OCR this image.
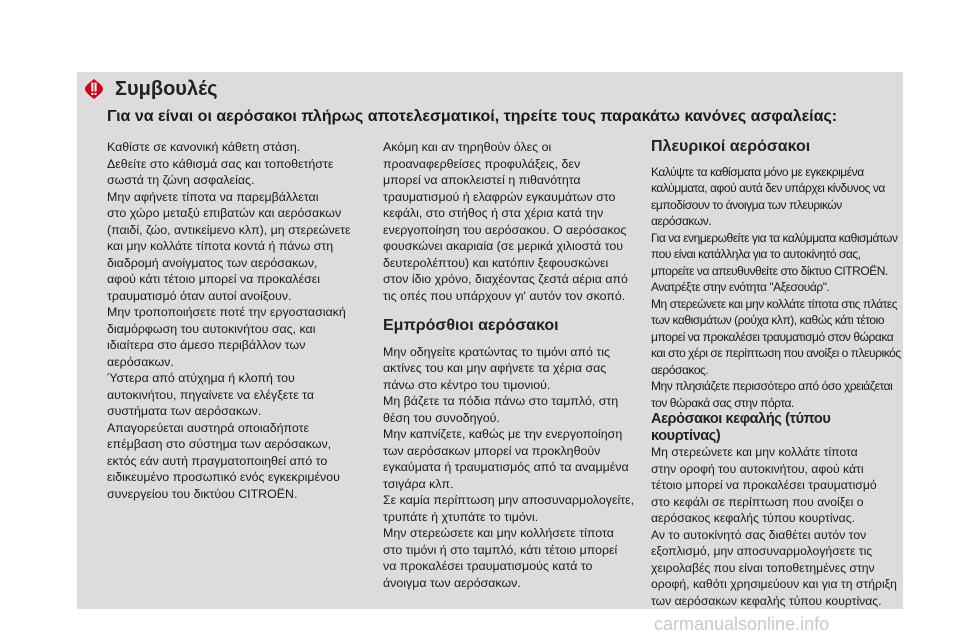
Συμβουλές
Για να είναι οι αερόσακοι πλήρως αποτελεσματικοί, τηρείτε τους παρακάτω κανόνες ασφαλείας:

Καθίστε σε κανονική κάθετη στάση.

Δεθείτε στο κάθισμά σας και τοποθετήστε

σωστά τη ζώνη ασφαλείας.

Μην αφήνετε τίποτα να παρεμβάλλεται

στο χώρο μεταξύ επιβατών και αερόσακων

(παιδί, ζώο, αντικείμενο κλπ), μη στερεώνετε

και μην κολλάτε τίποτα κοντά ή πάνω στη

διαδρομή ανοίγματος των αερόσακων,

αφού κάτι τέτοιο μπορεί να προκαλέσει

τραυματισμό όταν αυτοί ανοίξουν.

Μην τροποποιήσετε ποτέ την εργοστασιακή

διαμόρφωση του αυτοκινήτου σας, και

ιδιαίτερα στο άμεσο περιβάλλον των

αερόσακων.

Ύστερα από ατύχημα ή κλοπή του

αυτοκινήτου, πηγαίνετε να ελέγξετε τα

συστήματα των αερόσακων.

Απαγορεύεται αυστηρά οποιαδήποτε

επέμβαση στο σύστημα των αερόσακων,

εκτός εάν αυτή πραγματοποιηθεί από το

ειδικευμένο προσωπικό ενός εγκεκριμένου

συνεργείου του δικτύου CITROËN.

Ακόμη και αν τηρηθούν όλες οι

προαναφερθείσες προφυλάξεις, δεν

μπορεί να αποκλειστεί η πιθανότητα

τραυματισμού ή ελαφρών εγκαυμάτων στο

κεφάλι, στο στήθος ή στα χέρια κατά την

ενεργοποίηση του αερόσακου. Ο αερόσακος

φουσκώνει ακαριαία (σε μερικά χιλιοστά του

δευτερολέπτου) και κατόπιν ξεφουσκώνει

στον ίδιο χρόνο, διαχέοντας ζεστά αέρια από

τις οπές που υπάρχουν γι' αυτόν τον σκοπό.

Εμπρόσθιοι αερόσακοι

Μην οδηγείτε κρατώντας το τιμόνι από τις

ακτίνες του και μην αφήνετε τα χέρια σας

πάνω στο κέντρο του τιμονιού.

Μη βάζετε τα πόδια πάνω στο ταμπλό, στη

θέση του συνοδηγού.

Μην καπνίζετε, καθώς με την ενεργοποίηση

των αερόσακων μπορεί να προκληθούν

εγκαύματα ή τραυματισμός από τα αναμμένα

τσιγάρα κλπ.

Σε καμία περίπτωση μην αποσυναρμολογείτε,

τρυπάτε ή χτυπάτε το τιμόνι.

Μην στερεώσετε και μην κολλήσετε τίποτα

στο τιμόνι ή στο ταμπλό, κάτι τέτοιο μπορεί

να προκαλέσει τραυματισμούς κατά το

άνοιγμα των αερόσακων.

Πλευρικοί αερόσακοι

Καλύψτε τα καθίσματα μόνο με εγκεκριμένα

καλύμματα, αφού αυτά δεν υπάρχει κίνδυνος να

εμποδίσουν το άνοιγμα των πλευρικών αερόσακων.

Για να ενημερωθείτε για τα καλύμματα καθισμάτων

που είναι κατάλληλα για το αυτοκίνητό σας,

μπορείτε να απευθυνθείτε στο δίκτυο CITROËN.

Ανατρέξτε στην ενότητα "Αξεσουάρ".

Μη στερεώνετε και μην κολλάτε τίποτα στις πλάτες

των καθισμάτων (ρούχα κλπ), καθώς κάτι τέτοιο

μπορεί να προκαλέσει τραυματισμό στον θώρακα

και στο χέρι σε περίπτωση που ανοίξει ο πλευρικός

αερόσακος.

Μην πλησιάζετε περισσότερο από όσο χρειάζεται

τον θώρακά σας στην πόρτα.

Αερόσακοι κεφαλής (τύπου κουρτίνας)

Μη στερεώνετε και μην κολλάτε τίποτα

στην οροφή του αυτοκινήτου, αφού κάτι

τέτοιο μπορεί να προκαλέσει τραυματισμό

στο κεφάλι σε περίπτωση που ανοίξει ο

αερόσακος κεφαλής τύπου κουρτίνας.

Αν το αυτοκίνητό σας διαθέτει αυτόν τον

εξοπλισμό, μην αποσυναρμολογήσετε τις

χειρολαβές που είναι τοποθετημένες στην

οροφή, καθότι χρησιμεύουν και για τη στήριξη

των αερόσακων κεφαλής τύπου κουρτίνας.

carmanualsonline.info
